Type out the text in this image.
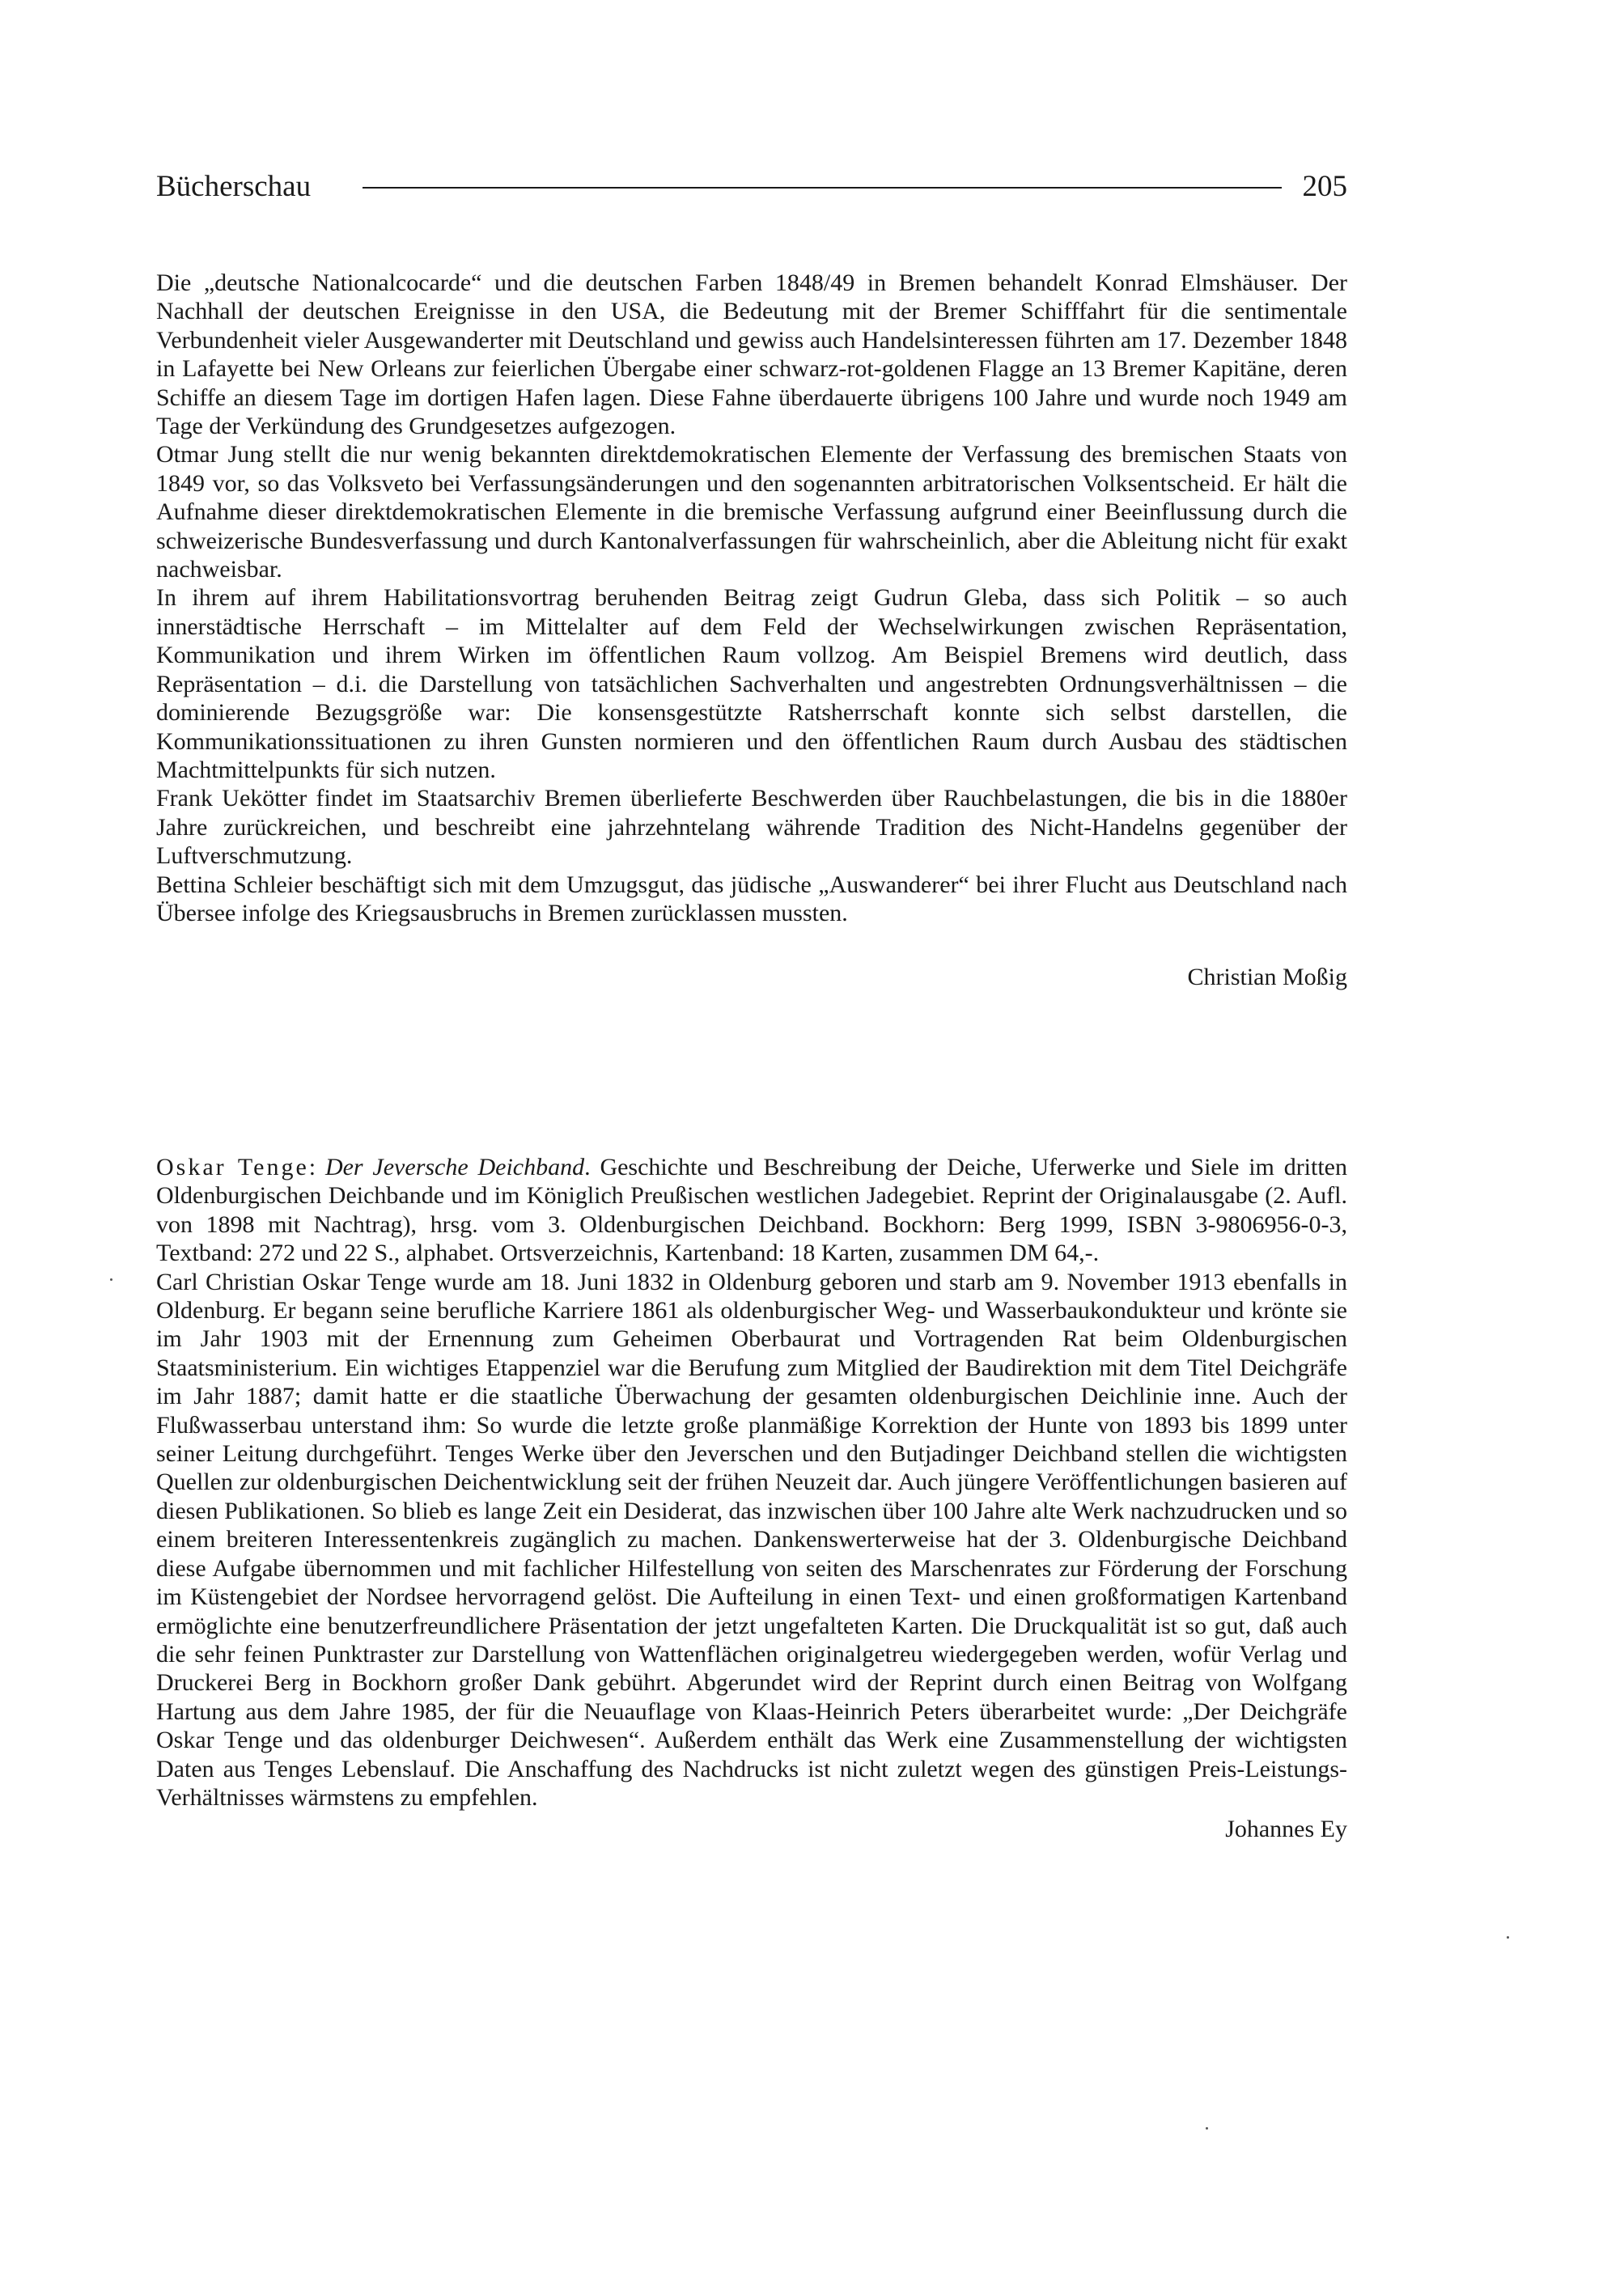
Bücherschau	205

Die „deutsche Nationalcocarde“ und die deutschen Farben 1848/49 in Bremen behandelt Konrad Elmshäuser. Der Nachhall der deutschen Ereignisse in den USA, die Bedeutung mit der Bremer Schifffahrt für die sentimentale Verbundenheit vieler Ausgewanderter mit Deutschland und gewiss auch Handelsinteressen führten am 17. Dezember 1848 in Lafayette bei New Orleans zur feierlichen Übergabe einer schwarz-rot-goldenen Flagge an 13 Bremer Kapitäne, deren Schiffe an diesem Tage im dortigen Hafen lagen. Diese Fahne überdauerte übrigens 100 Jahre und wurde noch 1949 am Tage der Verkündung des Grundgesetzes aufgezogen.

Otmar Jung stellt die nur wenig bekannten direktdemokratischen Elemente der Verfassung des bremischen Staats von 1849 vor, so das Volksveto bei Verfassungsänderungen und den sogenannten arbitratorischen Volksentscheid. Er hält die Aufnahme dieser direktdemokratischen Elemente in die bremische Verfassung aufgrund einer Beeinflussung durch die schweizerische Bundesverfassung und durch Kantonalverfassungen für wahrscheinlich, aber die Ableitung nicht für exakt nachweisbar.

In ihrem auf ihrem Habilitationsvortrag beruhenden Beitrag zeigt Gudrun Gleba, dass sich Politik – so auch innerstädtische Herrschaft – im Mittelalter auf dem Feld der Wechselwirkungen zwischen Repräsentation, Kommunikation und ihrem Wirken im öffentlichen Raum vollzog. Am Beispiel Bremens wird deutlich, dass Repräsentation – d.i. die Darstellung von tatsächlichen Sachverhalten und angestrebten Ordnungsverhältnissen – die dominierende Bezugsgröße war: Die konsensgestützte Ratsherrschaft konnte sich selbst darstellen, die Kommunikationssituationen zu ihren Gunsten normieren und den öffentlichen Raum durch Ausbau des städtischen Machtmittelpunkts für sich nutzen.

Frank Uekötter findet im Staatsarchiv Bremen überlieferte Beschwerden über Rauchbelastungen, die bis in die 1880er Jahre zurückreichen, und beschreibt eine jahrzehntelang währende Tradition des Nicht-Handelns gegenüber der Luftverschmutzung.

Bettina Schleier beschäftigt sich mit dem Umzugsgut, das jüdische „Auswanderer“ bei ihrer Flucht aus Deutschland nach Übersee infolge des Kriegsausbruchs in Bremen zurücklassen mussten.

Christian Moßig

Oskar Tenge: Der Jeversche Deichband. Geschichte und Beschreibung der Deiche, Uferwerke und Siele im dritten Oldenburgischen Deichbande und im Königlich Preußischen westlichen Jadegebiet. Reprint der Originalausgabe (2. Aufl. von 1898 mit Nachtrag), hrsg. vom 3. Oldenburgischen Deichband. Bockhorn: Berg 1999, ISBN 3-9806956-0-3, Textband: 272 und 22 S., alphabet. Ortsverzeichnis, Kartenband: 18 Karten, zusammen DM 64,-.

Carl Christian Oskar Tenge wurde am 18. Juni 1832 in Oldenburg geboren und starb am 9. November 1913 ebenfalls in Oldenburg. Er begann seine berufliche Karriere 1861 als oldenburgischer Weg- und Wasserbaukondukteur und krönte sie im Jahr 1903 mit der Ernennung zum Geheimen Oberbaurat und Vortragenden Rat beim Oldenburgischen Staatsministerium. Ein wichtiges Etappenziel war die Berufung zum Mitglied der Baudirektion mit dem Titel Deichgräfe im Jahr 1887; damit hatte er die staatliche Überwachung der gesamten oldenburgischen Deichlinie inne. Auch der Flußwasserbau unterstand ihm: So wurde die letzte große planmäßige Korrektion der Hunte von 1893 bis 1899 unter seiner Leitung durchgeführt. Tenges Werke über den Jeverschen und den Butjadinger Deichband stellen die wichtigsten Quellen zur oldenburgischen Deichentwicklung seit der frühen Neuzeit dar. Auch jüngere Veröffentlichungen basieren auf diesen Publikationen. So blieb es lange Zeit ein Desiderat, das inzwischen über 100 Jahre alte Werk nachzudrucken und so einem breiteren Interessentenkreis zugänglich zu machen. Dankenswerterweise hat der 3. Oldenburgische Deichband diese Aufgabe übernommen und mit fachlicher Hilfestellung von seiten des Marschenrates zur Förderung der Forschung im Küstengebiet der Nordsee hervorragend gelöst. Die Aufteilung in einen Text- und einen großformatigen Kartenband ermöglichte eine benutzerfreundlichere Präsentation der jetzt ungefalteten Karten. Die Druckqualität ist so gut, daß auch die sehr feinen Punktraster zur Darstellung von Wattenflächen originalgetreu wiedergegeben werden, wofür Verlag und Druckerei Berg in Bockhorn großer Dank gebührt. Abgerundet wird der Reprint durch einen Beitrag von Wolfgang Hartung aus dem Jahre 1985, der für die Neuauflage von Klaas-Heinrich Peters überarbeitet wurde: „Der Deichgräfe Oskar Tenge und das oldenburger Deichwesen“. Außerdem enthält das Werk eine Zusammenstellung der wichtigsten Daten aus Tenges Lebenslauf. Die Anschaffung des Nachdrucks ist nicht zuletzt wegen des günstigen Preis-Leistungs-Verhältnisses wärmstens zu empfehlen.

Johannes Ey
